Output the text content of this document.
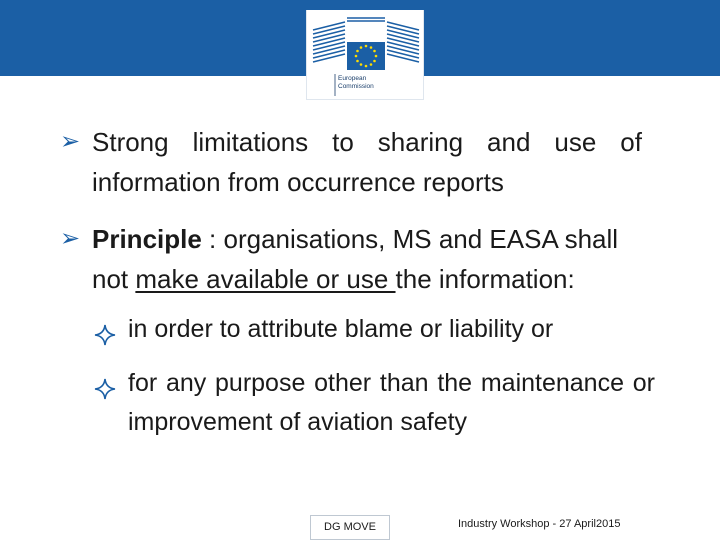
European
Commission
➢ Strong limitations to sharing and use of information from occurrence reports
➢ Principle : organisations, MS and EASA shall not make available or use the information:
in order to attribute blame or liability or
for any purpose other than the maintenance or improvement of aviation safety
DG MOVE	Industry Workshop - 27 April2015
